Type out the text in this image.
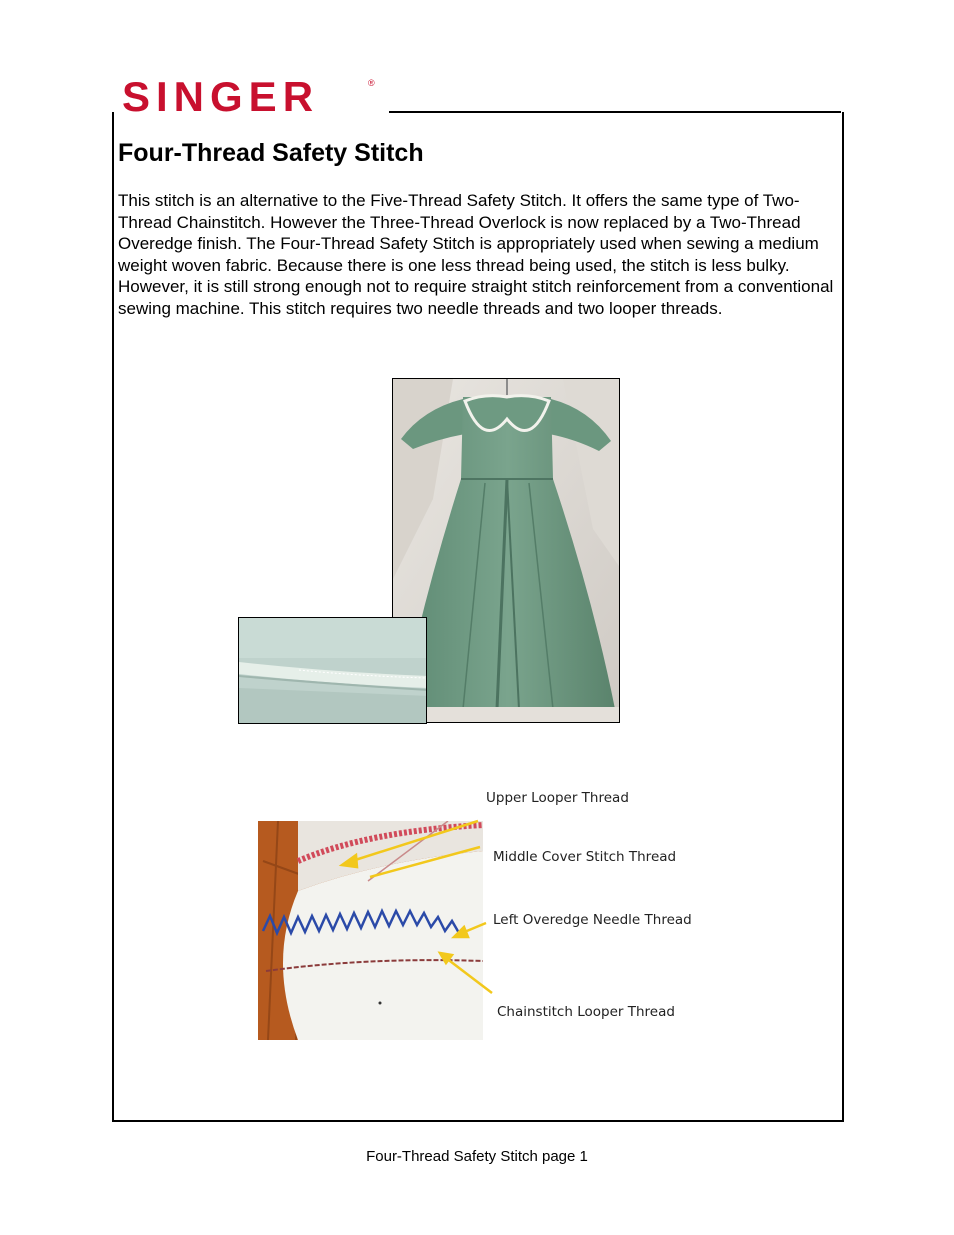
SINGER	®
Four-Thread Safety Stitch

This stitch is an alternative to the Five-Thread Safety Stitch. It offers the same type of Two-Thread Chainstitch. However the Three-Thread Overlock is now replaced by a Two-Thread Overedge finish. The Four-Thread Safety Stitch is appropriately used when sewing a medium weight woven fabric. Because there is one less thread being used, the stitch is less bulky. However, it is still strong enough not to require straight stitch reinforcement from a conventional sewing machine. This stitch requires two needle threads and two looper threads.

Upper Looper Thread
Middle Cover Stitch Thread
Left Overedge Needle Thread
Chainstitch Looper Thread
Four-Thread Safety Stitch page 1
